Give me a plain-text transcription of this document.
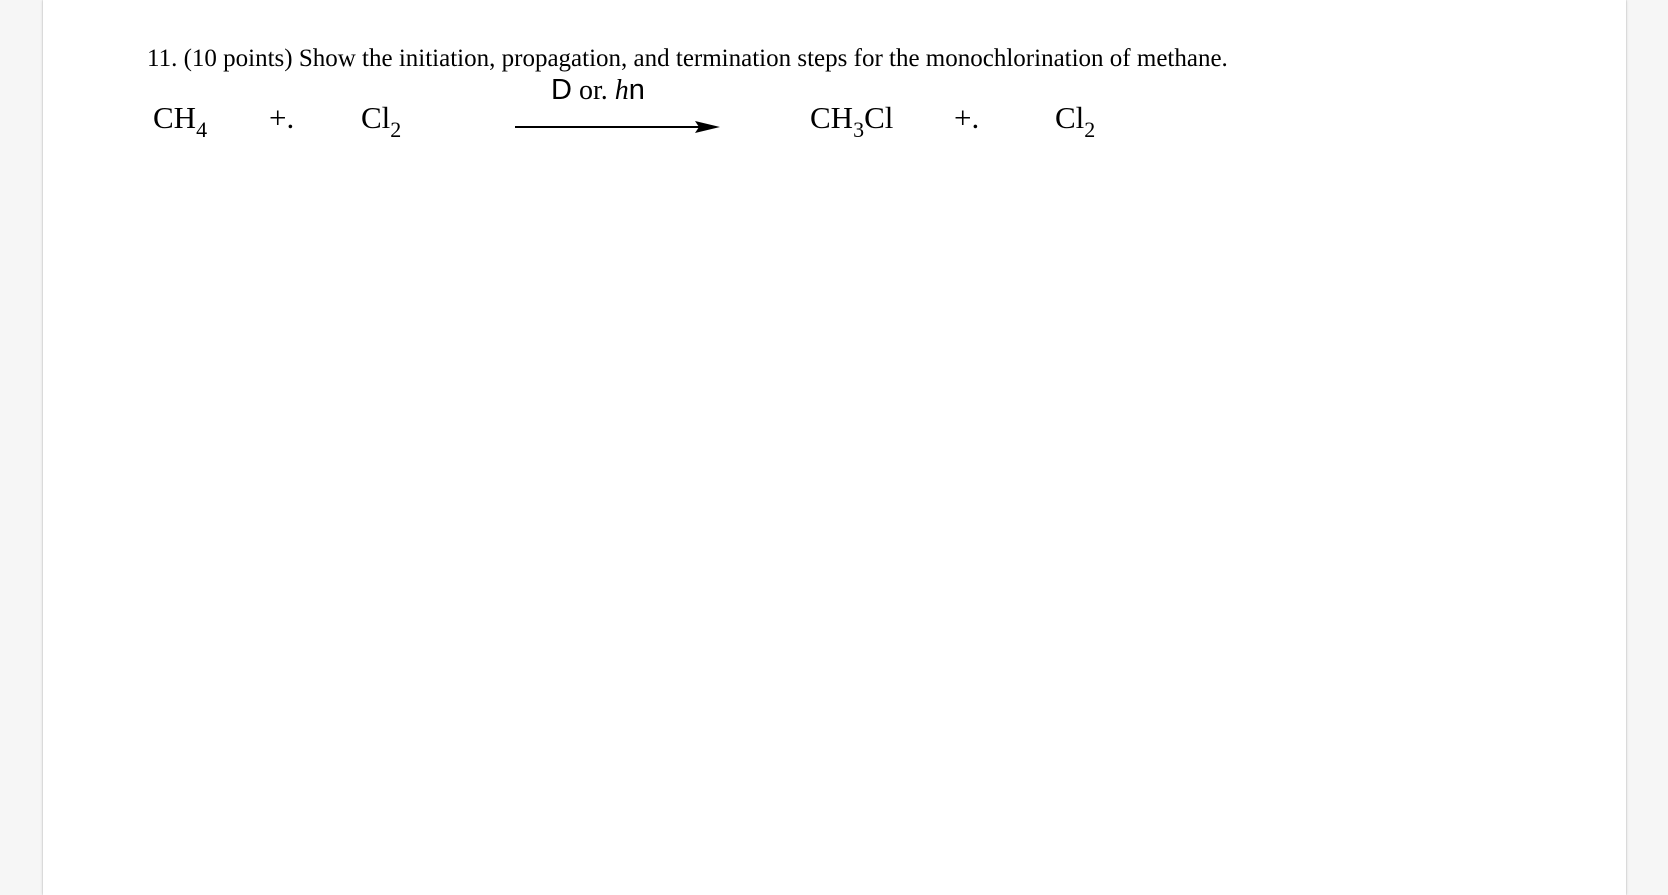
11. (10 points) Show the initiation, propagation, and termination steps for the monochlorination of methane.
$CH_4$ +. $Cl_2$
D or. hn
$CH_3Cl$ +. $Cl_2$
